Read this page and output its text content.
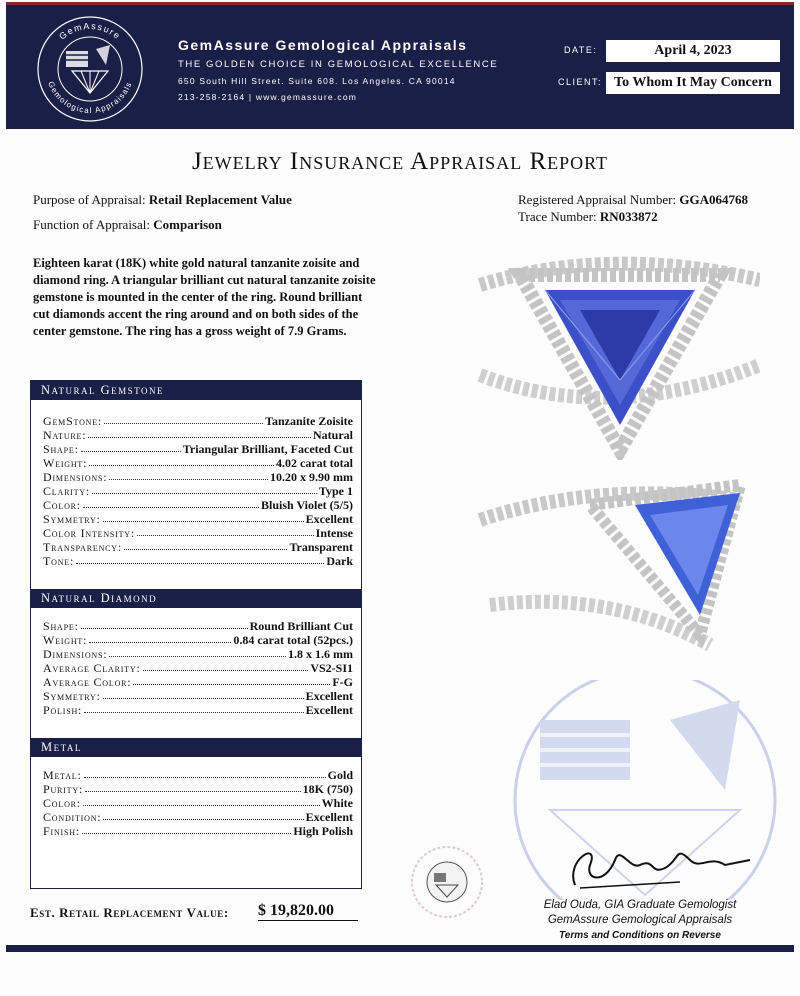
GemAssure
Gemological Appraisals
GemAssure Gemological Appraisals
THE GOLDEN CHOICE IN GEMOLOGICAL EXCELLENCE
650 South Hill Street. Suite 608. Los Angeles. CA 90014
213-258-2164 | www.gemassure.com
DATE:	April 4, 2023
CLIENT: To Whom It May Concern
Jewelry Insurance Appraisal Report
Purpose of Appraisal: Retail Replacement Value
Function of Appraisal: Comparison
Registered Appraisal Number: GGA064768
Trace Number: RN033872
Eighteen karat (18K) white gold natural tanzanite zoisite and diamond ring. A triangular brilliant cut natural tanzanite zoisite gemstone is mounted in the center of the ring. Round brilliant cut diamonds accent the ring around and on both sides of the center gemstone. The ring has a gross weight of 7.9 Grams.
Natural Gemstone
GemStone:	Tanzanite Zoisite
Nature:	Natural
Shape:	Triangular Brilliant, Faceted Cut
Weight:	4.02 carat total
Dimensions:	10.20 x 9.90 mm
Clarity:	Type 1
Color:	Bluish Violet (5/5)
Symmetry:	Excellent
Color Intensity:	Intense
Transparency:	Transparent
Tone:	Dark
Natural Diamond
Shape:	Round Brilliant Cut
Weight:	0.84 carat total (52pcs.)
Dimensions:	1.8 x 1.6 mm
Average Clarity:	VS2-SI1
Average Color:	F-G
Symmetry:	Excellent
Polish:	Excellent
Metal
Metal:	Gold
Purity:	18K (750)
Color:	White
Condition:	Excellent
Finish:	High Polish
Est. Retail Replacement Value: $ 19,820.00	Elad Ouda, GIA Graduate Gemologist
GemAssure Gemological Appraisals
Terms and Conditions on Reverse
